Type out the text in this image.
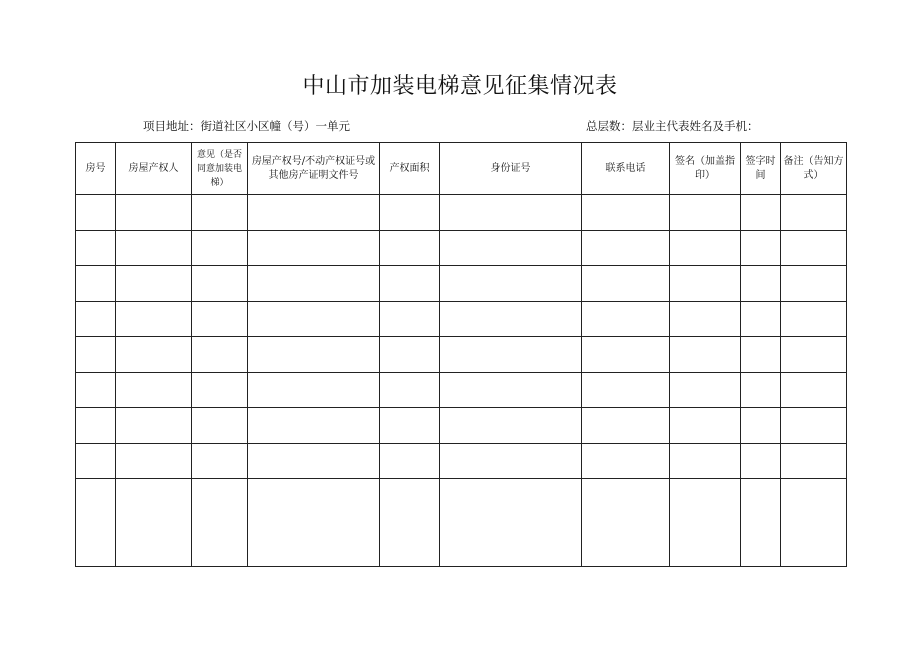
中山市加装电梯意见征集情况表
项目地址：街道社区小区幢（号）一单元	总层数：层业主代表姓名及手机：
房号	房屋产权人	意见（是否同意加装电梯）	房屋产权号/不动产权证号或其他房产证明文件号	产权面积	身份证号	联系电话	签名（加盖指印）	签字时间	备注（告知方式）
